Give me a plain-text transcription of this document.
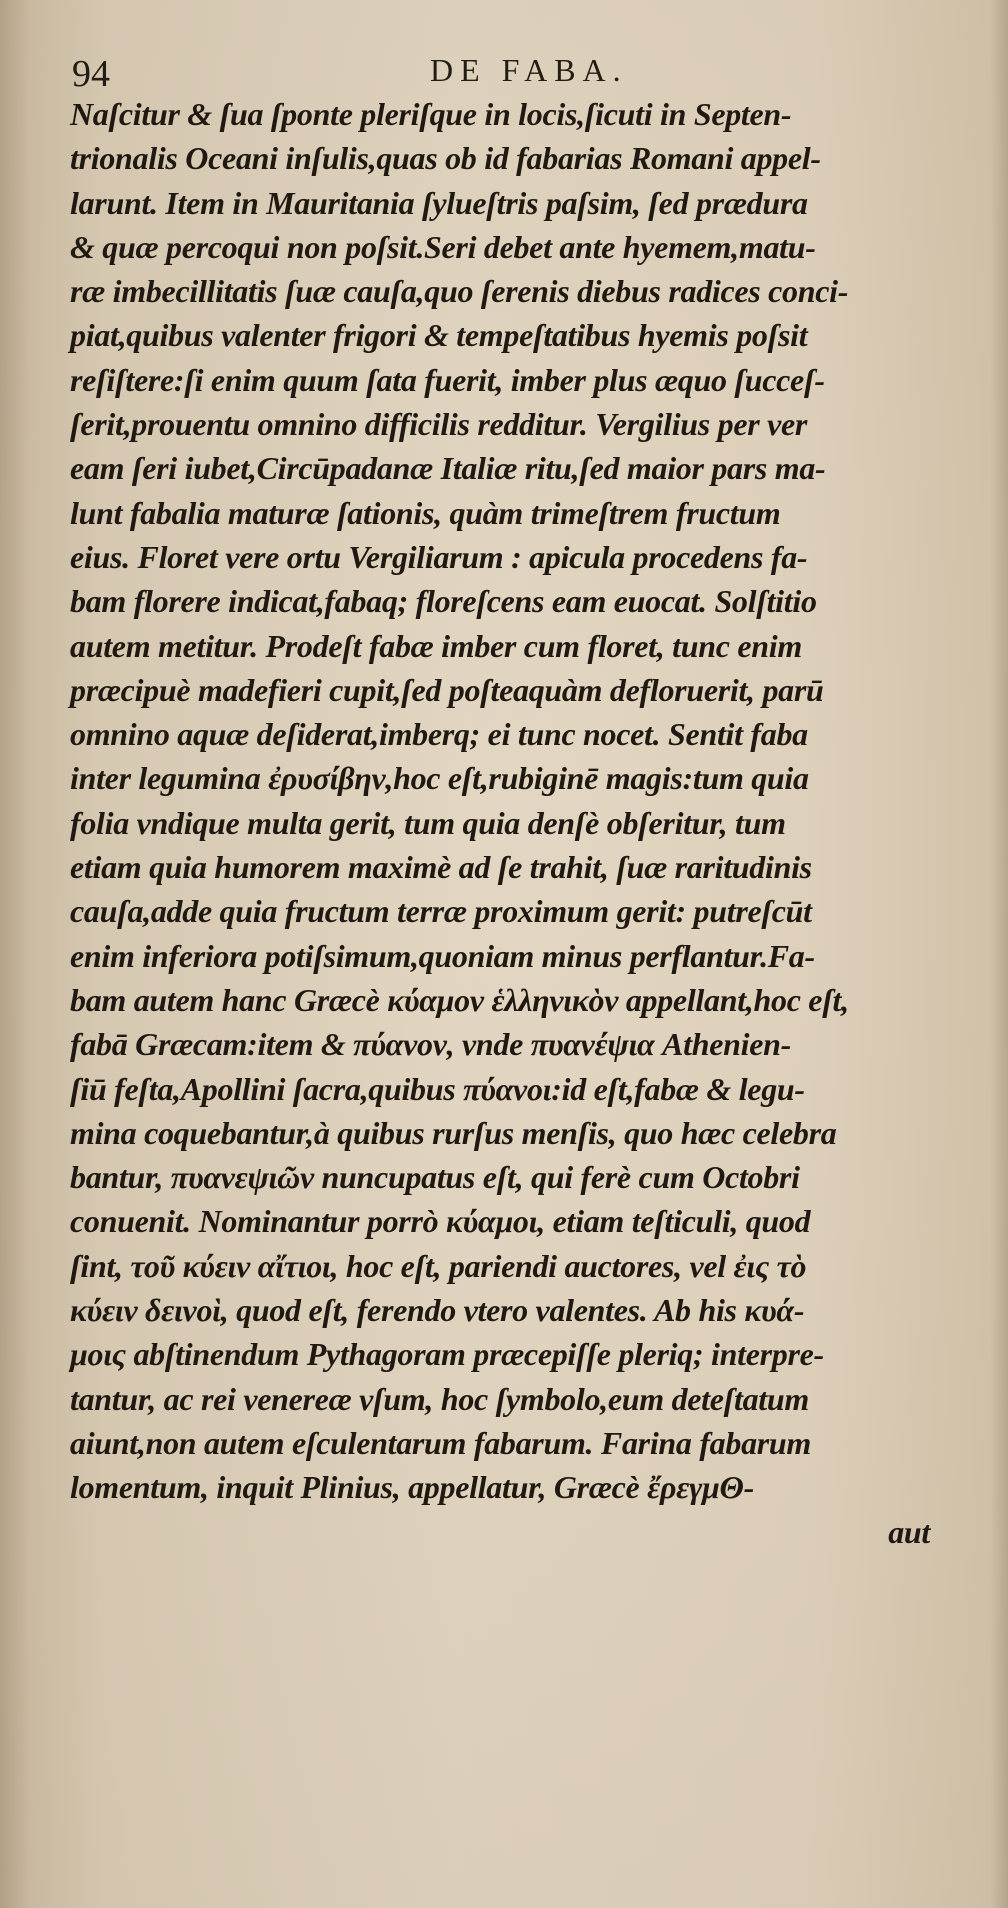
94	DE FABA.
Naſcitur & ſua ſponte pleriſque in locis,ſicuti in Septen-
trionalis Oceani inſulis,quas ob id fabarias Romani appel-
larunt. Item in Mauritania ſylueſtris paſsim, ſed prædura
& quæ percoqui non poſsit.Seri debet ante hyemem,matu-
ræ imbecillitatis ſuæ cauſa,quo ſerenis diebus radices conci-
piat,quibus valenter frigori & tempeſtatibus hyemis poſsit
reſiſtere:ſi enim quum ſata fuerit, imber plus æquo ſucceſ-
ſerit,prouentu omnino difficilis redditur. Vergilius per ver
eam ſeri iubet,Circūpadanæ Italiæ ritu,ſed maior pars ma-
lunt fabalia maturæ ſationis, quàm trimeſtrem fructum
eius. Floret vere ortu Vergiliarum : apicula procedens fa-
bam florere indicat,fabaq; floreſcens eam euocat. Solſtitio
autem metitur. Prodeſt fabæ imber cum floret, tunc enim
præcipuè madefieri cupit,ſed poſteaquàm defloruerit, parū
omnino aquæ deſiderat,imberq; ei tunc nocet. Sentit faba
inter legumina ἐρυσίβην,hoc eſt,rubiginē magis:tum quia
folia vndique multa gerit, tum quia denſè obſeritur, tum
etiam quia humorem maximè ad ſe trahit, ſuæ raritudinis
cauſa,adde quia fructum terræ proximum gerit: putreſcūt
enim inferiora potiſsimum,quoniam minus perflantur.Fa-
bam autem hanc Græcè κύαμον ἑλληνικὸν appellant,hoc eſt,
fabā Græcam:item & πύανον, vnde πυανέψια Athenien-
ſiū feſta,Apollini ſacra,quibus πύανοι:id eſt,fabæ & legu-
mina coquebantur,à quibus rurſus menſis, quo hæc celebra
bantur, πυανεψιῶν nuncupatus eſt, qui ferè cum Octobri
conuenit. Nominantur porrò κύαμοι, etiam teſticuli, quod
ſint, τοῦ κύειν αἴτιοι, hoc eſt, pariendi auctores, vel ἐις τὸ
κύειν δεινοὶ, quod eſt, ferendo vtero valentes. Ab his κυά-
μοις abſtinendum Pythagoram præcepiſſe pleriq; interpre-
tantur, ac rei venereæ vſum, hoc ſymbolo,eum deteſtatum
aiunt,non autem eſculentarum fabarum. Farina fabarum
lomentum, inquit Plinius, appellatur, Græcè ἔρεγμΘ-
aut
